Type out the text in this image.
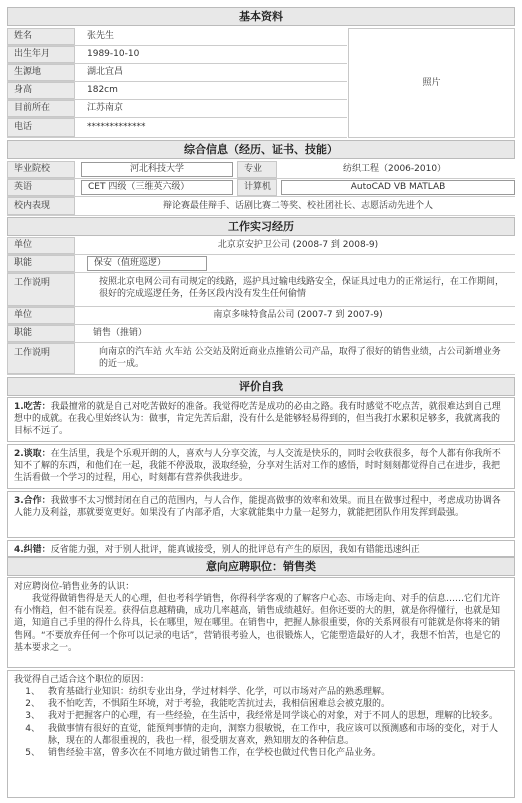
基本资料
姓名	张先生
出生年月	1989-10-10
生源地	湖北宜昌
身高	182cm
目前所在	江苏南京
电话	*************
照片
综合信息（经历、证书、技能）
毕业院校	河北科技大学	专业	纺织工程（2006-2010）
英语	CET 四级（三维英六级）	计算机	AutoCAD VB MATLAB
校内表现	辩论赛最佳辩手、话剧比赛二等奖、校社团社长、志愿活动先进个人
工作实习经历
单位	北京京安护卫公司 (2008-7 到 2008-9)
职能	保安（值班巡逻）
工作说明	按照北京电网公司有司规定的线路，巡护具过输电线路安全，保证具过电力的正常运行，在工作期间，很好的完成巡逻任务，任务区段内没有发生任何偷情
单位	南京多味特食品公司 (2007-7 到 2007-9)
职能	销售（推销）
工作说明	向南京的汽车站 火车站 公交站及附近商业点推销公司产品，取得了很好的销售业绩，占公司新增业务的近一成。
评价自我
1.吃苦：我最擅常的就是自己对吃苦做好的准备。我觉得吃苦是成功的必由之路。我有时感觉不吃点苦，就很难达到自己理想中的成就。在我心里始终认为：做事，肯定先苦后甜，没有什么是能够轻易得到的，但当我打水累积足够多，我就离我的目标不远了。
2.谈取：在生活里，我是个乐观开朗的人，喜欢与人分享交流，与人交流是快乐的，同时会收获很多，每个人都有你我所不知不了解的东西，和他们在一起，我能不停汲取，汲取经验，分享对生活对工作的感悟，时时刻刻都觉得自己在进步，我把生活看做一个学习的过程，用心，时刻都有营养供我进步。
3.合作：我做事不太习惯封闭在自己的范围内，与人合作，能提高做事的效率和效果。而且在做事过程中，考虑成功协调各人能力及利益，那就要宽更好。如果没有了内部矛盾，大家就能集中力量一起努力，就能把团队作用发挥到最强。
4.纠错：反省能力强，对于别人批评，能真诚接受，别人的批评总有产生的原因，我如有错能迅速纠正
意向应聘职位：销售类
对应聘岗位-销售业务的认识：
我觉得做销售得是天人的心理，但也考科学销售，你得科学客观的了解客户心态、市场走向、对手的信息……它们尤许有小惰趋，但不能有误差。获得信息越精确，成功几率越高，销售成绩越好。但你还要的大的胆，就是你得懂行，也就是知道，知道自己手里的得什么待具，长在哪里，短在哪里。在销售中，把握人脉很重要，你的关系网很有可能就是你将来的销售网。“不要放弃任何一个你可以记录的电话”，营销很考验人，也很锻炼人，它能塑造最好的人才，我想不怕苦，也是它的基本要求之一。
我觉得自己适合这个职位的原因：
1、 教育基础行业知识：纺织专业出身，学过材料学、化学，可以市场对产品的熟悉理解。
2、 我不怕吃苦，不惧陌生环境，对于考验，我能吃苦抗过去，我相信困难总会被克服的。
3、 我对于把握客户的心理，有一些经验，在生活中，我经常是同学谈心的对象，对于不同人的思想，理解的比较多。
4、 我做事情有很好的直觉，能预判事情的走向，洞察力很敏锐，在工作中，我应该可以预测感和市场的变化，对于人脉，现在的人都很重视的，我也一样，很受朋友喜欢，熟知朋友的各种信息。
5、 销售经验丰富，曾多次在不同地方做过销售工作，在学校也做过代售日化产品业务。
